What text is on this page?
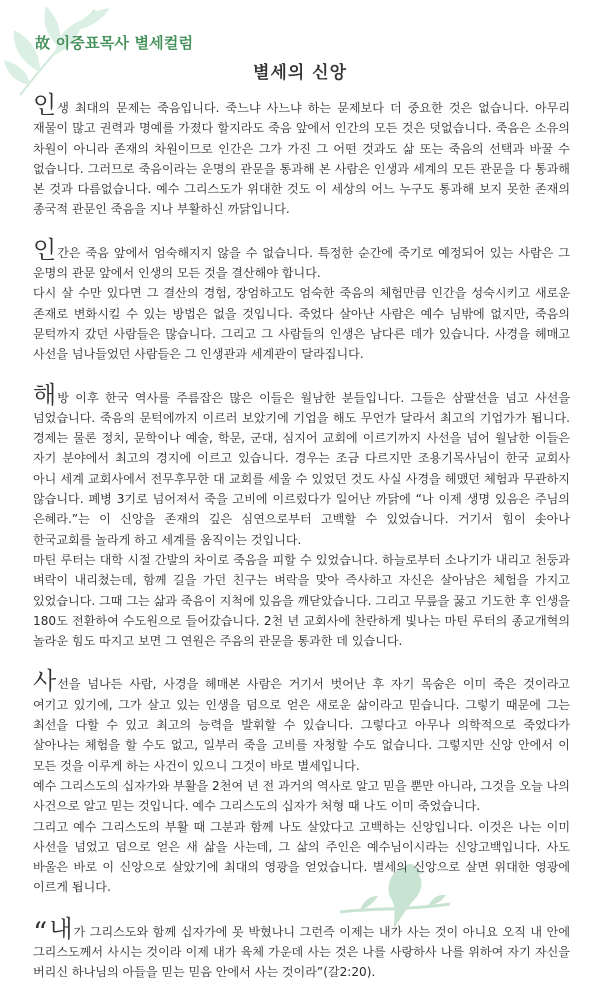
故 이중표목사 별세컬럼
별세의 신앙

인생 최대의 문제는 죽음입니다. 죽느냐 사느냐 하는 문제보다 더 중요한 것은 없습니다. 아무리 재물이 많고 권력과 명예를 가졌다 할지라도 죽음 앞에서 인간의 모든 것은 덧없습니다. 죽음은 소유의 차원이 아니라 존재의 차원이므로 인간은 그가 가진 그 어떤 것과도 삶 또는 죽음의 선택과 바꿀 수 없습니다. 그러므로 죽음이라는 운명의 관문을 통과해 본 사람은 인생과 세계의 모든 관문을 다 통과해 본 것과 다름없습니다. 예수 그리스도가 위대한 것도 이 세상의 어느 누구도 통과해 보지 못한 존재의 종국적 관문인 죽음을 지나 부활하신 까닭입니다.

인간은 죽음 앞에서 엄숙해지지 않을 수 없습니다. 특정한 순간에 죽기로 예정되어 있는 사람은 그 운명의 관문 앞에서 인생의 모든 것을 결산해야 합니다.
다시 살 수만 있다면 그 결산의 경험, 장엄하고도 엄숙한 죽음의 체험만큼 인간을 성숙시키고 새로운 존재로 변화시킬 수 있는 방법은 없을 것입니다. 죽었다 살아난 사람은 예수 님밖에 없지만, 죽음의 문턱까지 갔던 사람들은 많습니다. 그리고 그 사람들의 인생은 남다른 데가 있습니다. 사경을 헤매고 사선을 넘나들었던 사람들은 그 인생관과 세계관이 달라집니다.

해방 이후 한국 역사를 주름잡은 많은 이들은 월남한 분들입니다. 그들은 삼팔선을 넘고 사선을 넘었습니다. 죽음의 문턱에까지 이르러 보았기에 기업을 해도 무언가 달라서 최고의 기업가가 됩니다. 경제는 물론 정치, 문학이나 예술, 학문, 군대, 심지어 교회에 이르기까지 사선을 넘어 월남한 이들은 자기 분야에서 최고의 경지에 이르고 있습니다. 경우는 조금 다르지만 조용기목사님이 한국 교회사 아니 세계 교회사에서 전무후무한 대 교회를 세울 수 있었던 것도 사실 사경을 헤맸던 체험과 무관하지 않습니다. 폐병 3기로 넘어져서 죽을 고비에 이르렀다가 일어난 까닭에 “나 이제 생명 있음은 주님의 은혜라.”는 이 신앙을 존재의 깊은 심연으로부터 고백할 수 있었습니다. 거기서 힘이 솟아나 한국교회를 놀라게 하고 세계를 움직이는 것입니다.
마틴 루터는 대학 시절 간발의 차이로 죽음을 피할 수 있었습니다. 하늘로부터 소나기가 내리고 천둥과 벼락이 내리쳤는데, 함께 길을 가던 친구는 벼락을 맞아 즉사하고 자신은 살아남은 체험을 가지고 있었습니다. 그때 그는 삶과 죽음이 지척에 있음을 깨닫았습니다. 그리고 무릎을 꿇고 기도한 후 인생을 180도 전환하여 수도원으로 들어갔습니다. 2천 년 교회사에 찬란하게 빛나는 마틴 루터의 종교개혁의 놀라운 힘도 따지고 보면 그 연원은 주음의 관문을 통과한 데 있습니다.

사선을 넘나든 사람, 사경을 헤매본 사람은 거기서 벗어난 후 자기 목숨은 이미 죽은 것이라고 여기고 있기에, 그가 살고 있는 인생을 덤으로 얻은 새로운 삶이라고 믿습니다. 그렇기 때문에 그는 최선을 다할 수 있고 최고의 능력을 발휘할 수 있습니다. 그렇다고 아무나 의학적으로 죽었다가 살아나는 체험을 할 수도 없고, 일부러 죽을 고비를 자청할 수도 없습니다. 그렇지만 신앙 안에서 이 모든 것을 이루게 하는 사건이 있으니 그것이 바로 별세입니다.
예수 그리스도의 십자가와 부활을 2천여 년 전 과거의 역사로 알고 믿을 뿐만 아니라, 그것을 오늘 나의 사건으로 알고 믿는 것입니다. 예수 그리스도의 십자가 처형 때 나도 이미 죽었습니다.
그리고 예수 그리스도의 부활 때 그분과 함께 나도 살았다고 고백하는 신앙입니다. 이것은 나는 이미 사선을 넘었고 덤으로 얻은 새 삶을 사는데, 그 삶의 주인은 예수님이시라는 신앙고백입니다. 사도 바울은 바로 이 신앙으로 살았기에 최대의 영광을 얻었습니다. 별세의 신앙으로 살면 위대한 영광에 이르게 됩니다.

“내가 그리스도와 함께 십자가에 못 박혔나니 그런즉 이제는 내가 사는 것이 아니요 오직 내 안에 그리스도께서 사시는 것이라 이제 내가 육체 가운데 사는 것은 나를 사랑하사 나를 위하여 자기 자신을 버리신 하나님의 아들을 믿는 믿음 안에서 사는 것이라”(갈2:20).
